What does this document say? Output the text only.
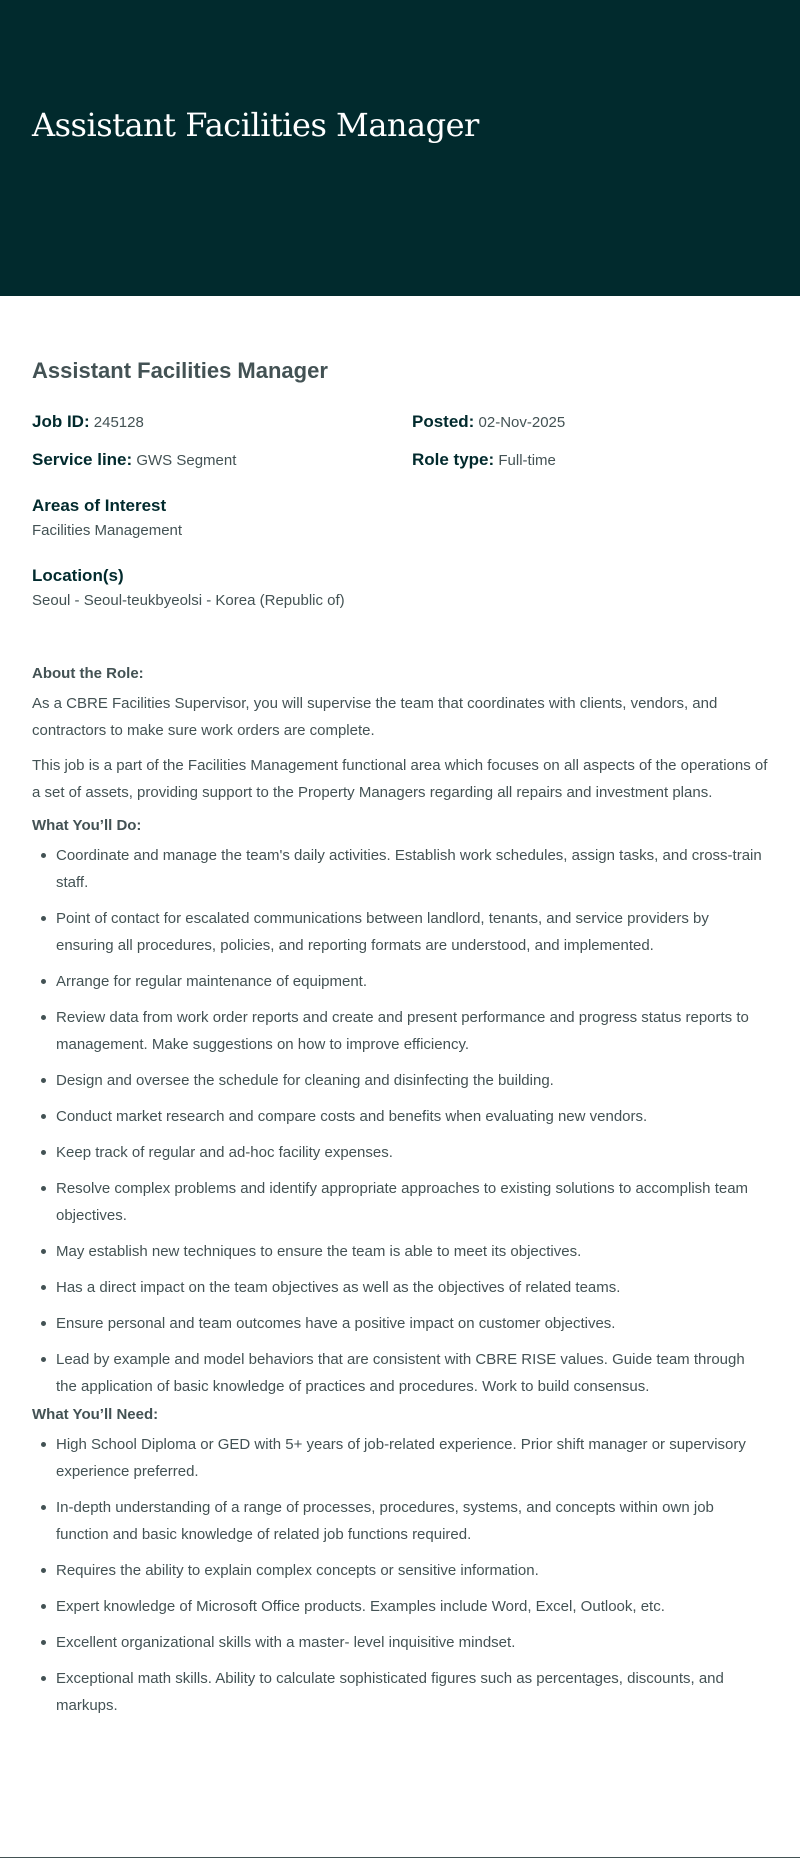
Assistant Facilities Manager
Assistant Facilities Manager
Job ID: 245128	Posted: 02-Nov-2025
Service line: GWS Segment	Role type: Full-time
Areas of Interest
Facilities Management
Location(s)
Seoul - Seoul-teukbyeolsi - Korea (Republic of)
About the Role:

As a CBRE Facilities Supervisor, you will supervise the team that coordinates with clients, vendors, and contractors to make sure work orders are complete.

This job is a part of the Facilities Management functional area which focuses on all aspects of the operations of a set of assets, providing support to the Property Managers regarding all repairs and investment plans.

What You’ll Do:
Coordinate and manage the team's daily activities. Establish work schedules, assign tasks, and cross-train staff.
Point of contact for escalated communications between landlord, tenants, and service providers by ensuring all procedures, policies, and reporting formats are understood, and implemented.
Arrange for regular maintenance of equipment.
Review data from work order reports and create and present performance and progress status reports to management. Make suggestions on how to improve efficiency.
Design and oversee the schedule for cleaning and disinfecting the building.
Conduct market research and compare costs and benefits when evaluating new vendors.
Keep track of regular and ad-hoc facility expenses.
Resolve complex problems and identify appropriate approaches to existing solutions to accomplish team objectives.
May establish new techniques to ensure the team is able to meet its objectives.
Has a direct impact on the team objectives as well as the objectives of related teams.
Ensure personal and team outcomes have a positive impact on customer objectives.
Lead by example and model behaviors that are consistent with CBRE RISE values. Guide team through the application of basic knowledge of practices and procedures. Work to build consensus.
What You’ll Need:
High School Diploma or GED with 5+ years of job-related experience. Prior shift manager or supervisory experience preferred.
In-depth understanding of a range of processes, procedures, systems, and concepts within own job function and basic knowledge of related job functions required.
Requires the ability to explain complex concepts or sensitive information.
Expert knowledge of Microsoft Office products. Examples include Word, Excel, Outlook, etc.
Excellent organizational skills with a master- level inquisitive mindset.
Exceptional math skills. Ability to calculate sophisticated figures such as percentages, discounts, and markups.
